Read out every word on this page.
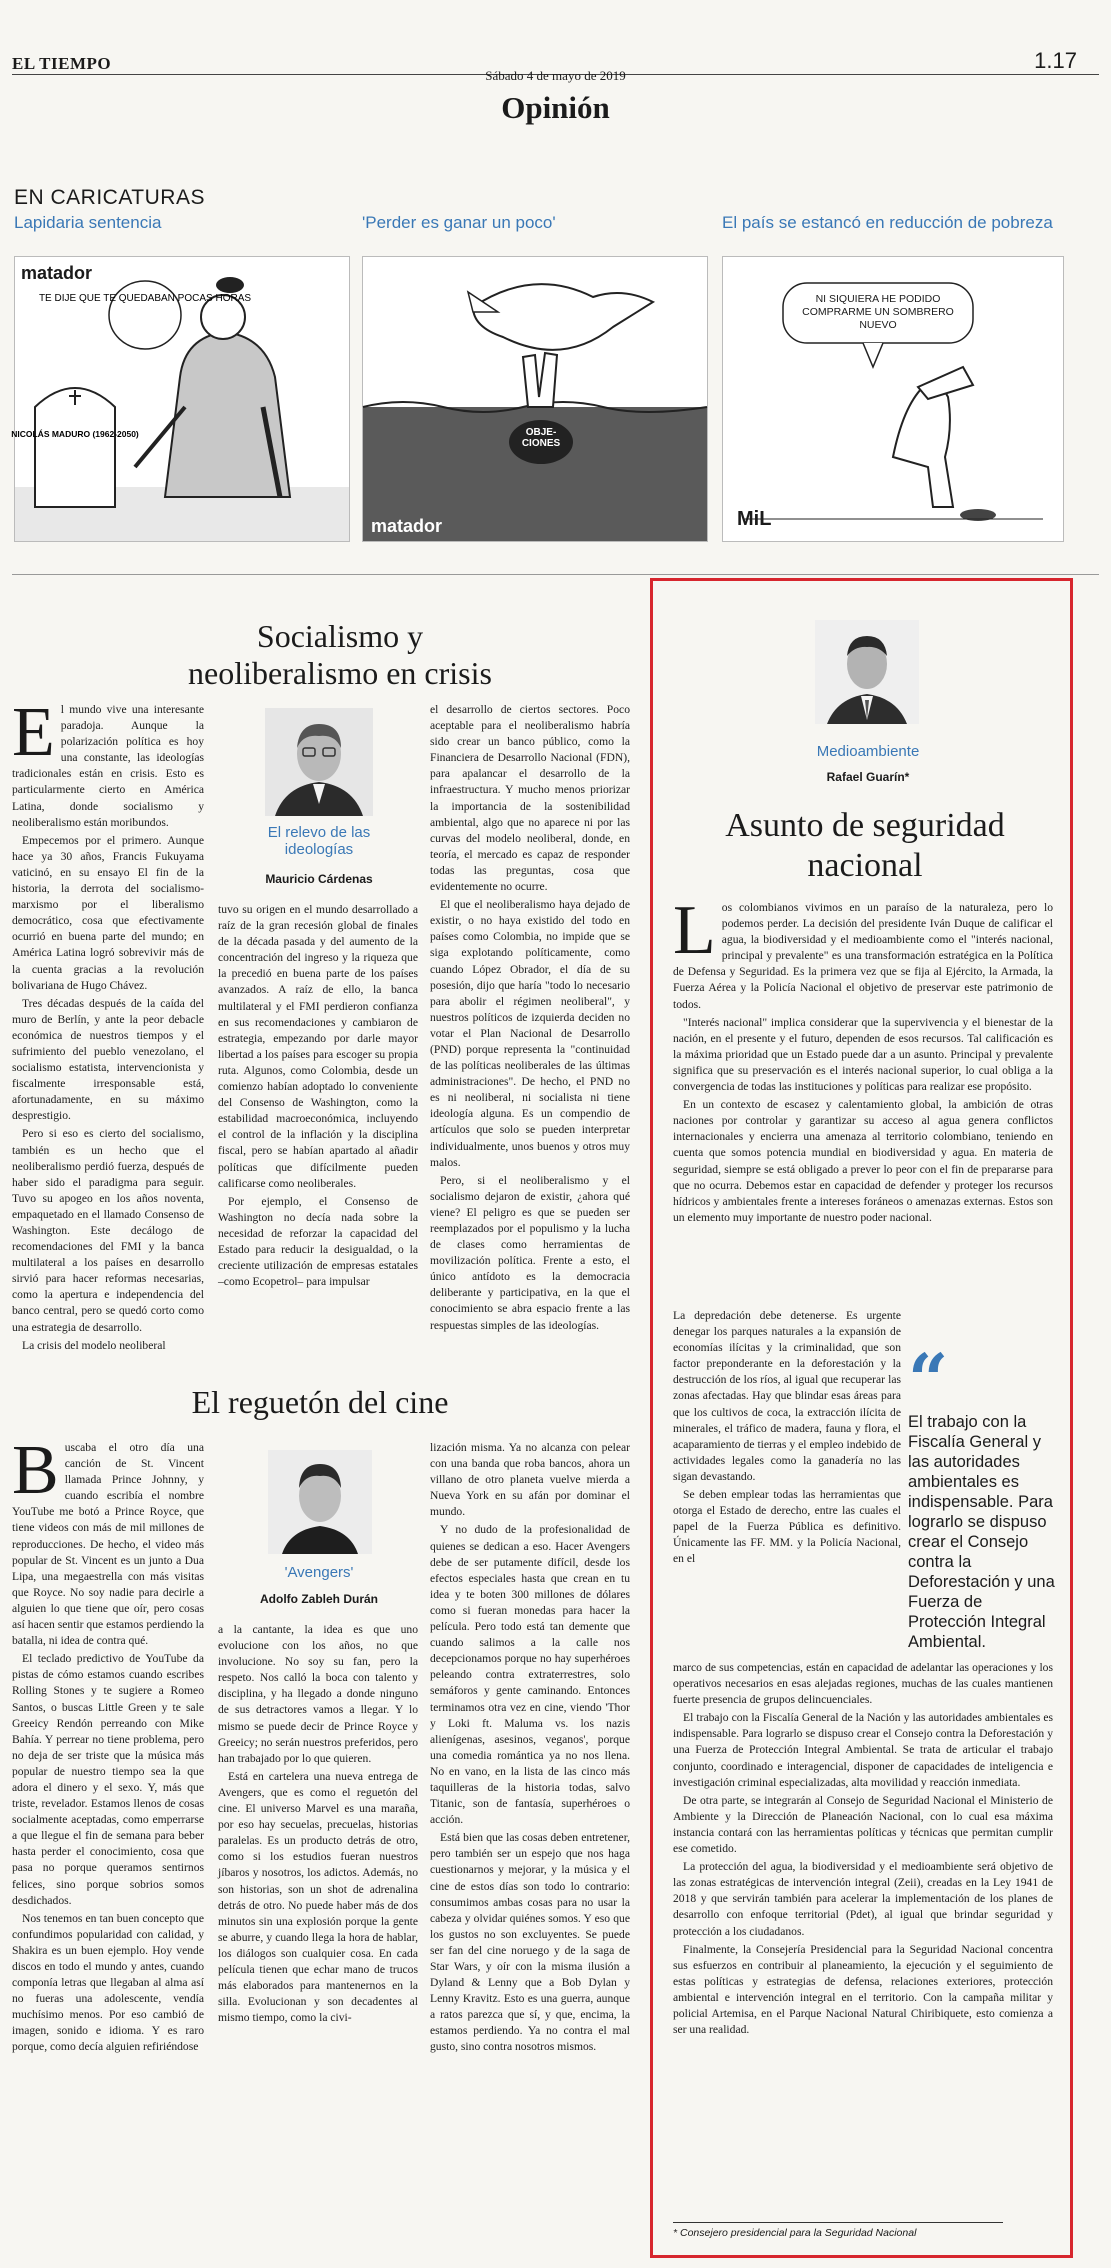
EL TIEMPO	1.17
Sábado 4 de mayo de 2019
Opinión
EN CARICATURAS
Lapidaria sentencia	'Perder es ganar un poco'	El país se estancó en reducción de pobreza
TE DIJE QUE TE QUEDABAN POCAS HORAS
NICOLÁS MADURO (1962-2050)
matador
OBJE-CIONES
matador
NI SIQUIERA HE PODIDO COMPRARME UN SOMBRERO NUEVO
MiL
Socialismo y neoliberalismo en crisis

El mundo vive una interesante paradoja. Aunque la polarización política es hoy una constante, las ideologías tradicionales están en crisis. Esto es particularmente cierto en América Latina, donde socialismo y neoliberalismo están moribundos.

Empecemos por el primero. Aunque hace ya 30 años, Francis Fukuyama vaticinó, en su ensayo El fin de la historia, la derrota del socialismo-marxismo por el liberalismo democrático, cosa que efectivamente ocurrió en buena parte del mundo; en América Latina logró sobrevivir más de la cuenta gracias a la revolución bolivariana de Hugo Chávez.

Tres décadas después de la caída del muro de Berlín, y ante la peor debacle económica de nuestros tiempos y el sufrimiento del pueblo venezolano, el socialismo estatista, intervencionista y fiscalmente irresponsable está, afortunadamente, en su máximo desprestigio.

Pero si eso es cierto del socialismo, también es un hecho que el neoliberalismo perdió fuerza, después de haber sido el paradigma para seguir. Tuvo su apogeo en los años noventa, empaquetado en el llamado Consenso de Washington. Este decálogo de recomendaciones del FMI y la banca multilateral a los países en desarrollo sirvió para hacer reformas necesarias, como la apertura e independencia del banco central, pero se quedó corto como una estrategia de desarrollo.

La crisis del modelo neoliberal

El relevo de las ideologías
Mauricio Cárdenas

tuvo su origen en el mundo desarrollado a raíz de la gran recesión global de finales de la década pasada y del aumento de la concentración del ingreso y la riqueza que la precedió en buena parte de los países avanzados. A raíz de ello, la banca multilateral y el FMI perdieron confianza en sus recomendaciones y cambiaron de estrategia, empezando por darle mayor libertad a los países para escoger su propia ruta. Algunos, como Colombia, desde un comienzo habían adoptado lo conveniente del Consenso de Washington, como la estabilidad macroeconómica, incluyendo el control de la inflación y la disciplina fiscal, pero se habían apartado al añadir políticas que difícilmente pueden calificarse como neoliberales.

Por ejemplo, el Consenso de Washington no decía nada sobre la necesidad de reforzar la capacidad del Estado para reducir la desigualdad, o la creciente utilización de empresas estatales –como Ecopetrol– para impulsar

el desarrollo de ciertos sectores. Poco aceptable para el neoliberalismo habría sido crear un banco público, como la Financiera de Desarrollo Nacional (FDN), para apalancar el desarrollo de la infraestructura. Y mucho menos priorizar la importancia de la sostenibilidad ambiental, algo que no aparece ni por las curvas del modelo neoliberal, donde, en teoría, el mercado es capaz de responder todas las preguntas, cosa que evidentemente no ocurre.

El que el neoliberalismo haya dejado de existir, o no haya existido del todo en países como Colombia, no impide que se siga explotando políticamente, como cuando López Obrador, el día de su posesión, dijo que haría "todo lo necesario para abolir el régimen neoliberal", y nuestros políticos de izquierda deciden no votar el Plan Nacional de Desarrollo (PND) porque representa la "continuidad de las políticas neoliberales de las últimas administraciones". De hecho, el PND no es ni neoliberal, ni socialista ni tiene ideología alguna. Es un compendio de artículos que solo se pueden interpretar individualmente, unos buenos y otros muy malos.

Pero, si el neoliberalismo y el socialismo dejaron de existir, ¿ahora qué viene? El peligro es que se pueden ser reemplazados por el populismo y la lucha de clases como herramientas de movilización política. Frente a esto, el único antídoto es la democracia deliberante y participativa, en la que el conocimiento se abra espacio frente a las respuestas simples de las ideologías.

El reguetón del cine

Buscaba el otro día una canción de St. Vincent llamada Prince Johnny, y cuando escribía el nombre YouTube me botó a Prince Royce, que tiene videos con más de mil millones de reproducciones. De hecho, el video más popular de St. Vincent es un junto a Dua Lipa, una megaestrella con más visitas que Royce. No soy nadie para decirle a alguien lo que tiene que oír, pero cosas así hacen sentir que estamos perdiendo la batalla, ni idea de contra qué.

El teclado predictivo de YouTube da pistas de cómo estamos cuando escribes Rolling Stones y te sugiere a Romeo Santos, o buscas Little Green y te sale Greeicy Rendón perreando con Mike Bahía. Y perrear no tiene problema, pero no deja de ser triste que la música más popular de nuestro tiempo sea la que adora el dinero y el sexo. Y, más que triste, revelador. Estamos llenos de cosas socialmente aceptadas, como emperrarse a que llegue el fin de semana para beber hasta perder el conocimiento, cosa que pasa no porque queramos sentirnos felices, sino porque sobrios somos desdichados.

Nos tenemos en tan buen concepto que confundimos popularidad con calidad, y Shakira es un buen ejemplo. Hoy vende discos en todo el mundo y antes, cuando componía letras que llegaban al alma así no fueras una adolescente, vendía muchísimo menos. Por eso cambió de imagen, sonido e idioma. Y es raro porque, como decía alguien refiriéndose

'Avengers'
Adolfo Zableh Durán

a la cantante, la idea es que uno evolucione con los años, no que involucione. No soy su fan, pero la respeto. Nos calló la boca con talento y disciplina, y ha llegado a donde ninguno de sus detractores vamos a llegar. Y lo mismo se puede decir de Prince Royce y Greeicy; no serán nuestros preferidos, pero han trabajado por lo que quieren.

Está en cartelera una nueva entrega de Avengers, que es como el reguetón del cine. El universo Marvel es una maraña, por eso hay secuelas, precuelas, historias paralelas. Es un producto detrás de otro, como si los estudios fueran nuestros jíbaros y nosotros, los adictos. Además, no son historias, son un shot de adrenalina detrás de otro. No puede haber más de dos minutos sin una explosión porque la gente se aburre, y cuando llega la hora de hablar, los diálogos son cualquier cosa. En cada película tienen que echar mano de trucos más elaborados para mantenernos en la silla. Evolucionan y son decadentes al mismo tiempo, como la civi-

lización misma. Ya no alcanza con pelear con una banda que roba bancos, ahora un villano de otro planeta vuelve mierda a Nueva York en su afán por dominar el mundo.

Y no dudo de la profesionalidad de quienes se dedican a eso. Hacer Avengers debe de ser putamente difícil, desde los efectos especiales hasta que crean en tu idea y te boten 300 millones de dólares como si fueran monedas para hacer la película. Pero todo está tan demente que cuando salimos a la calle nos decepcionamos porque no hay superhéroes peleando contra extraterrestres, solo semáforos y gente caminando. Entonces terminamos otra vez en cine, viendo 'Thor y Loki ft. Maluma vs. los nazis alienígenas, asesinos, veganos', porque una comedia romántica ya no nos llena. No en vano, en la lista de las cinco más taquilleras de la historia todas, salvo Titanic, son de fantasía, superhéroes o acción.

Está bien que las cosas deben entretener, pero también ser un espejo que nos haga cuestionarnos y mejorar, y la música y el cine de estos días son todo lo contrario: consumimos ambas cosas para no usar la cabeza y olvidar quiénes somos. Y eso que los gustos no son excluyentes. Se puede ser fan del cine noruego y de la saga de Star Wars, y oír con la misma ilusión a Dyland & Lenny que a Bob Dylan y Lenny Kravitz. Esto es una guerra, aunque a ratos parezca que sí, y que, encima, la estamos perdiendo. Ya no contra el mal gusto, sino contra nosotros mismos.

Medioambiente
Rafael Guarín*
Asunto de seguridad nacional

Los colombianos vivimos en un paraíso de la naturaleza, pero lo podemos perder. La decisión del presidente Iván Duque de calificar el agua, la biodiversidad y el medioambiente como el "interés nacional, principal y prevalente" es una transformación estratégica en la Política de Defensa y Seguridad. Es la primera vez que se fija al Ejército, la Armada, la Fuerza Aérea y la Policía Nacional el objetivo de preservar este patrimonio de todos.

"Interés nacional" implica considerar que la supervivencia y el bienestar de la nación, en el presente y el futuro, dependen de esos recursos. Tal calificación es la máxima prioridad que un Estado puede dar a un asunto. Principal y prevalente significa que su preservación es el interés nacional superior, lo cual obliga a la convergencia de todas las instituciones y políticas para realizar ese propósito.

En un contexto de escasez y calentamiento global, la ambición de otras naciones por controlar y garantizar su acceso al agua genera conflictos internacionales y encierra una amenaza al territorio colombiano, teniendo en cuenta que somos potencia mundial en biodiversidad y agua. En materia de seguridad, siempre se está obligado a prever lo peor con el fin de prepararse para que no ocurra. Debemos estar en capacidad de defender y proteger los recursos hídricos y ambientales frente a intereses foráneos o amenazas externas. Estos son un elemento muy importante de nuestro poder nacional.

La depredación debe detenerse. Es urgente denegar los parques naturales a la expansión de economías ilícitas y la criminalidad, que son factor preponderante en la deforestación y la destrucción de los ríos, al igual que recuperar las zonas afectadas. Hay que blindar esas áreas para que los cultivos de coca, la extracción ilícita de minerales, el tráfico de madera, fauna y flora, el acaparamiento de tierras y el empleo indebido de actividades legales como la ganadería no las sigan devastando.

Se deben emplear todas las herramientas que otorga el Estado de derecho, entre las cuales el papel de la Fuerza Pública es definitivo. Únicamente las FF. MM. y la Policía Nacional, en el

“
El trabajo con la Fiscalía General y las autoridades ambientales es indispensable. Para lograrlo se dispuso crear el Consejo contra la Deforestación y una Fuerza de Protección Integral Ambiental.

marco de sus competencias, están en capacidad de adelantar las operaciones y los operativos necesarios en esas alejadas regiones, muchas de las cuales mantienen fuerte presencia de grupos delincuenciales.

El trabajo con la Fiscalía General de la Nación y las autoridades ambientales es indispensable. Para lograrlo se dispuso crear el Consejo contra la Deforestación y una Fuerza de Protección Integral Ambiental. Se trata de articular el trabajo conjunto, coordinado e interagencial, disponer de capacidades de inteligencia e investigación criminal especializadas, alta movilidad y reacción inmediata.

De otra parte, se integrarán al Consejo de Seguridad Nacional el Ministerio de Ambiente y la Dirección de Planeación Nacional, con lo cual esa máxima instancia contará con las herramientas políticas y técnicas que permitan cumplir ese cometido.

La protección del agua, la biodiversidad y el medioambiente será objetivo de las zonas estratégicas de intervención integral (Zeii), creadas en la Ley 1941 de 2018 y que servirán también para acelerar la implementación de los planes de desarrollo con enfoque territorial (Pdet), al igual que brindar seguridad y protección a los ciudadanos.

Finalmente, la Consejería Presidencial para la Seguridad Nacional concentra sus esfuerzos en contribuir al planeamiento, la ejecución y el seguimiento de estas políticas y estrategias de defensa, relaciones exteriores, protección ambiental e intervención integral en el territorio. Con la campaña militar y policial Artemisa, en el Parque Nacional Natural Chiribiquete, esto comienza a ser una realidad.

* Consejero presidencial para la Seguridad Nacional
